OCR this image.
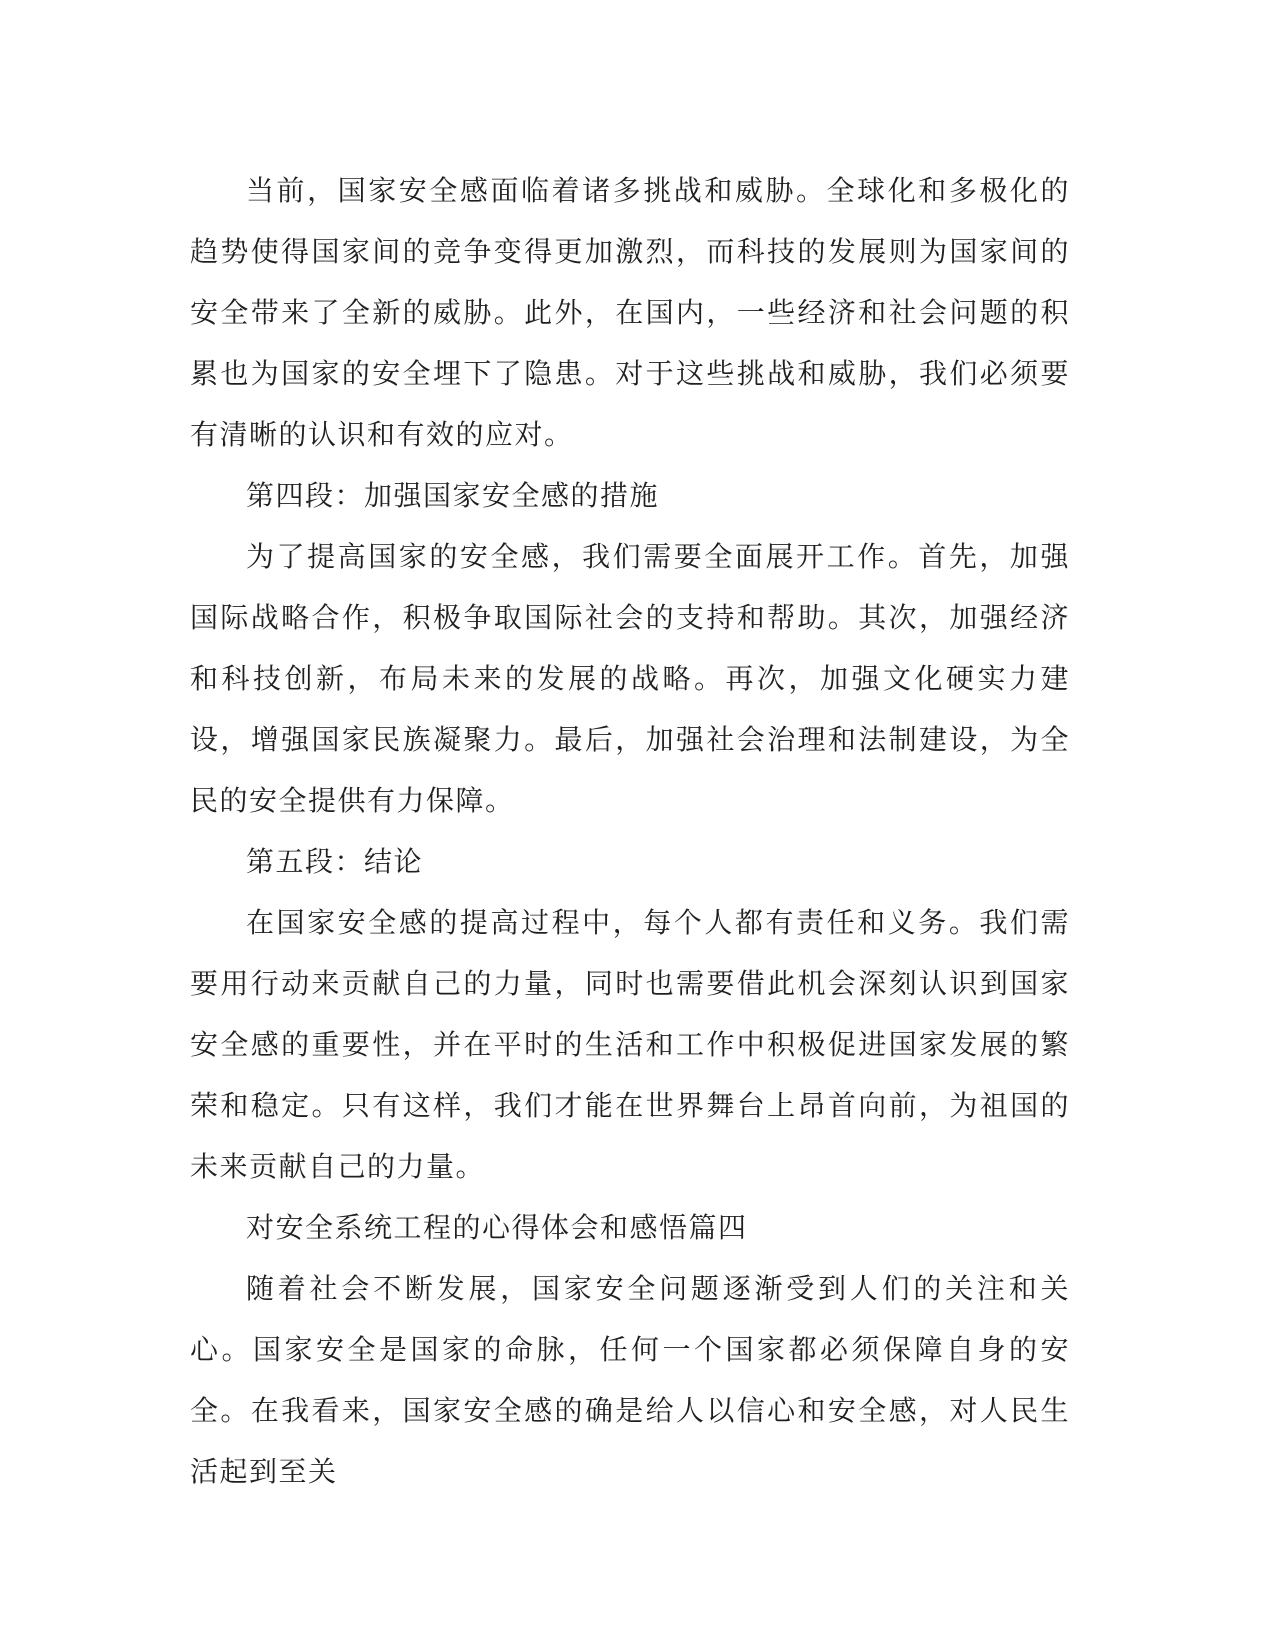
当前，国家安全感面临着诸多挑战和威胁。全球化和多极化的趋势使得国家间的竞争变得更加激烈，而科技的发展则为国家间的安全带来了全新的威胁。此外，在国内，一些经济和社会问题的积累也为国家的安全埋下了隐患。对于这些挑战和威胁，我们必须要有清晰的认识和有效的应对。

第四段：加强国家安全感的措施

为了提高国家的安全感，我们需要全面展开工作。首先，加强国际战略合作，积极争取国际社会的支持和帮助。其次，加强经济和科技创新，布局未来的发展的战略。再次，加强文化硬实力建设，增强国家民族凝聚力。最后，加强社会治理和法制建设，为全民的安全提供有力保障。

第五段：结论

在国家安全感的提高过程中，每个人都有责任和义务。我们需要用行动来贡献自己的力量，同时也需要借此机会深刻认识到国家安全感的重要性，并在平时的生活和工作中积极促进国家发展的繁荣和稳定。只有这样，我们才能在世界舞台上昂首向前，为祖国的未来贡献自己的力量。

对安全系统工程的心得体会和感悟篇四

随着社会不断发展，国家安全问题逐渐受到人们的关注和关心。国家安全是国家的命脉，任何一个国家都必须保障自身的安全。在我看来，国家安全感的确是给人以信心和安全感，对人民生活起到至关
